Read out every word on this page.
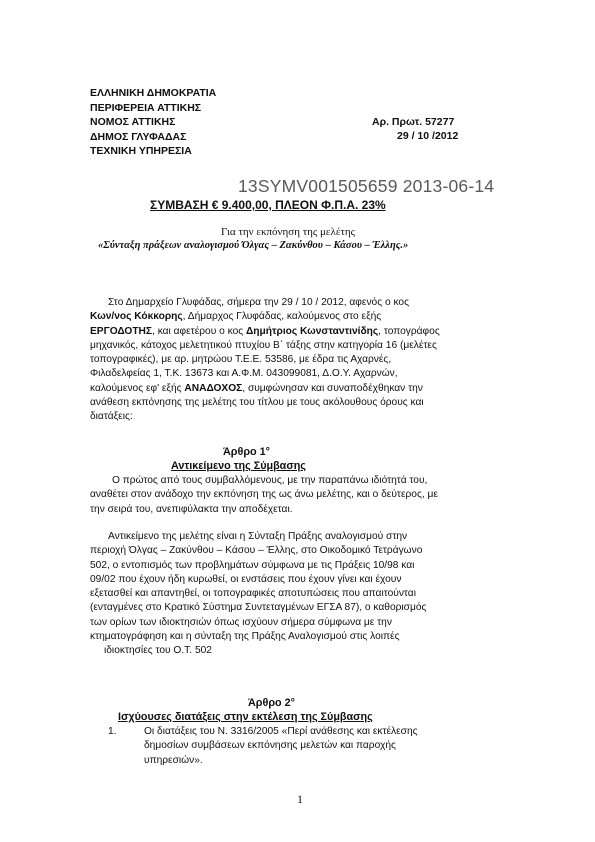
ΕΛΛΗΝΙΚΗ ΔΗΜΟΚΡΑΤΙΑ
ΠΕΡΙΦΕΡΕΙΑ ΑΤΤΙΚΗΣ
ΝΟΜΟΣ ΑΤΤΙΚΗΣ
ΔΗΜΟΣ ΓΛΥΦΑΔΑΣ
ΤΕΧΝΙΚΗ ΥΠΗΡΕΣΙΑ
Αρ. Πρωτ. 57277
29 / 10 /2012
13SYMV001505659 2013-06-14
ΣΥΜΒΑΣΗ € 9.400,00, ΠΛΕΟΝ Φ.Π.Α. 23%
Για την εκπόνηση της μελέτης
«Σύνταξη πράξεων αναλογισμού Όλγας – Ζακύνθου – Κάσου – Έλλης.»
Στο Δημαρχείο Γλυφάδας, σήμερα την 29 / 10 / 2012, αφενός ο κος
Κων/νος Κόκκορης, Δήμαρχος Γλυφάδας, καλούμενος στο εξής
ΕΡΓΟΔΟΤΗΣ, και αφετέρου ο κος Δημήτριος Κωνσταντινίδης, τοπογράφος
μηχανικός, κάτοχος μελετητικού πτυχίου Β΄ τάξης στην κατηγορία 16 (μελέτες
τοπογραφικές), με αρ. μητρώου Τ.Ε.Ε. 53586, με έδρα τις Αχαρνές,
Φιλαδελφείας 1, Τ.Κ. 13673 και Α.Φ.Μ. 043099081, Δ.Ο.Υ. Αχαρνών,
καλούμενος εφ' εξής ΑΝΑΔΟΧΟΣ, συμφώνησαν και συναποδέχθηκαν την
ανάθεση εκπόνησης της μελέτης του τίτλου με τους ακόλουθους όρους και
διατάξεις:
Άρθρο 1°
Αντικείμενο της Σύμβασης
Ο πρώτος από τους συμβαλλόμενους, με την παραπάνω ιδιότητά του,
αναθέτει στον ανάδοχο την εκπόνηση της ως άνω μελέτης, και ο δεύτερος, με
την σειρά του, ανεπιφύλακτα την αποδέχεται.
Αντικείμενο της μελέτης είναι η Σύνταξη Πράξης αναλογισμού στην
περιοχή Όλγας – Ζακύνθου – Κάσου – Έλλης, στο Οικοδομικό Τετράγωνο
502, ο εντοπισμός των προβλημάτων σύμφωνα με τις Πράξεις 10/98 και
09/02 που έχουν ήδη κυρωθεί, οι ενστάσεις που έχουν γίνει και έχουν
εξετασθεί και απαντηθεί, οι τοπογραφικές αποτυπώσεις που απαιτούνται
(ενταγμένες στο Κρατικό Σύστημα Συντεταγμένων ΕΓΣΑ 87), ο καθορισμός
των ορίων των ιδιοκτησιών όπως ισχύουν σήμερα σύμφωνα με την
κτηματογράφηση και η σύνταξη της Πράξης Αναλογισμού στις λοιπές
ιδιοκτησίες του Ο.Τ. 502
Άρθρο 2°
Ισχύουσες διατάξεις στην εκτέλεση της Σύμβασης
1.	Οι διατάξεις του Ν. 3316/2005 «Περί ανάθεσης και εκτέλεσης
δημοσίων συμβάσεων εκπόνησης μελετών και παροχής
υπηρεσιών».
1
